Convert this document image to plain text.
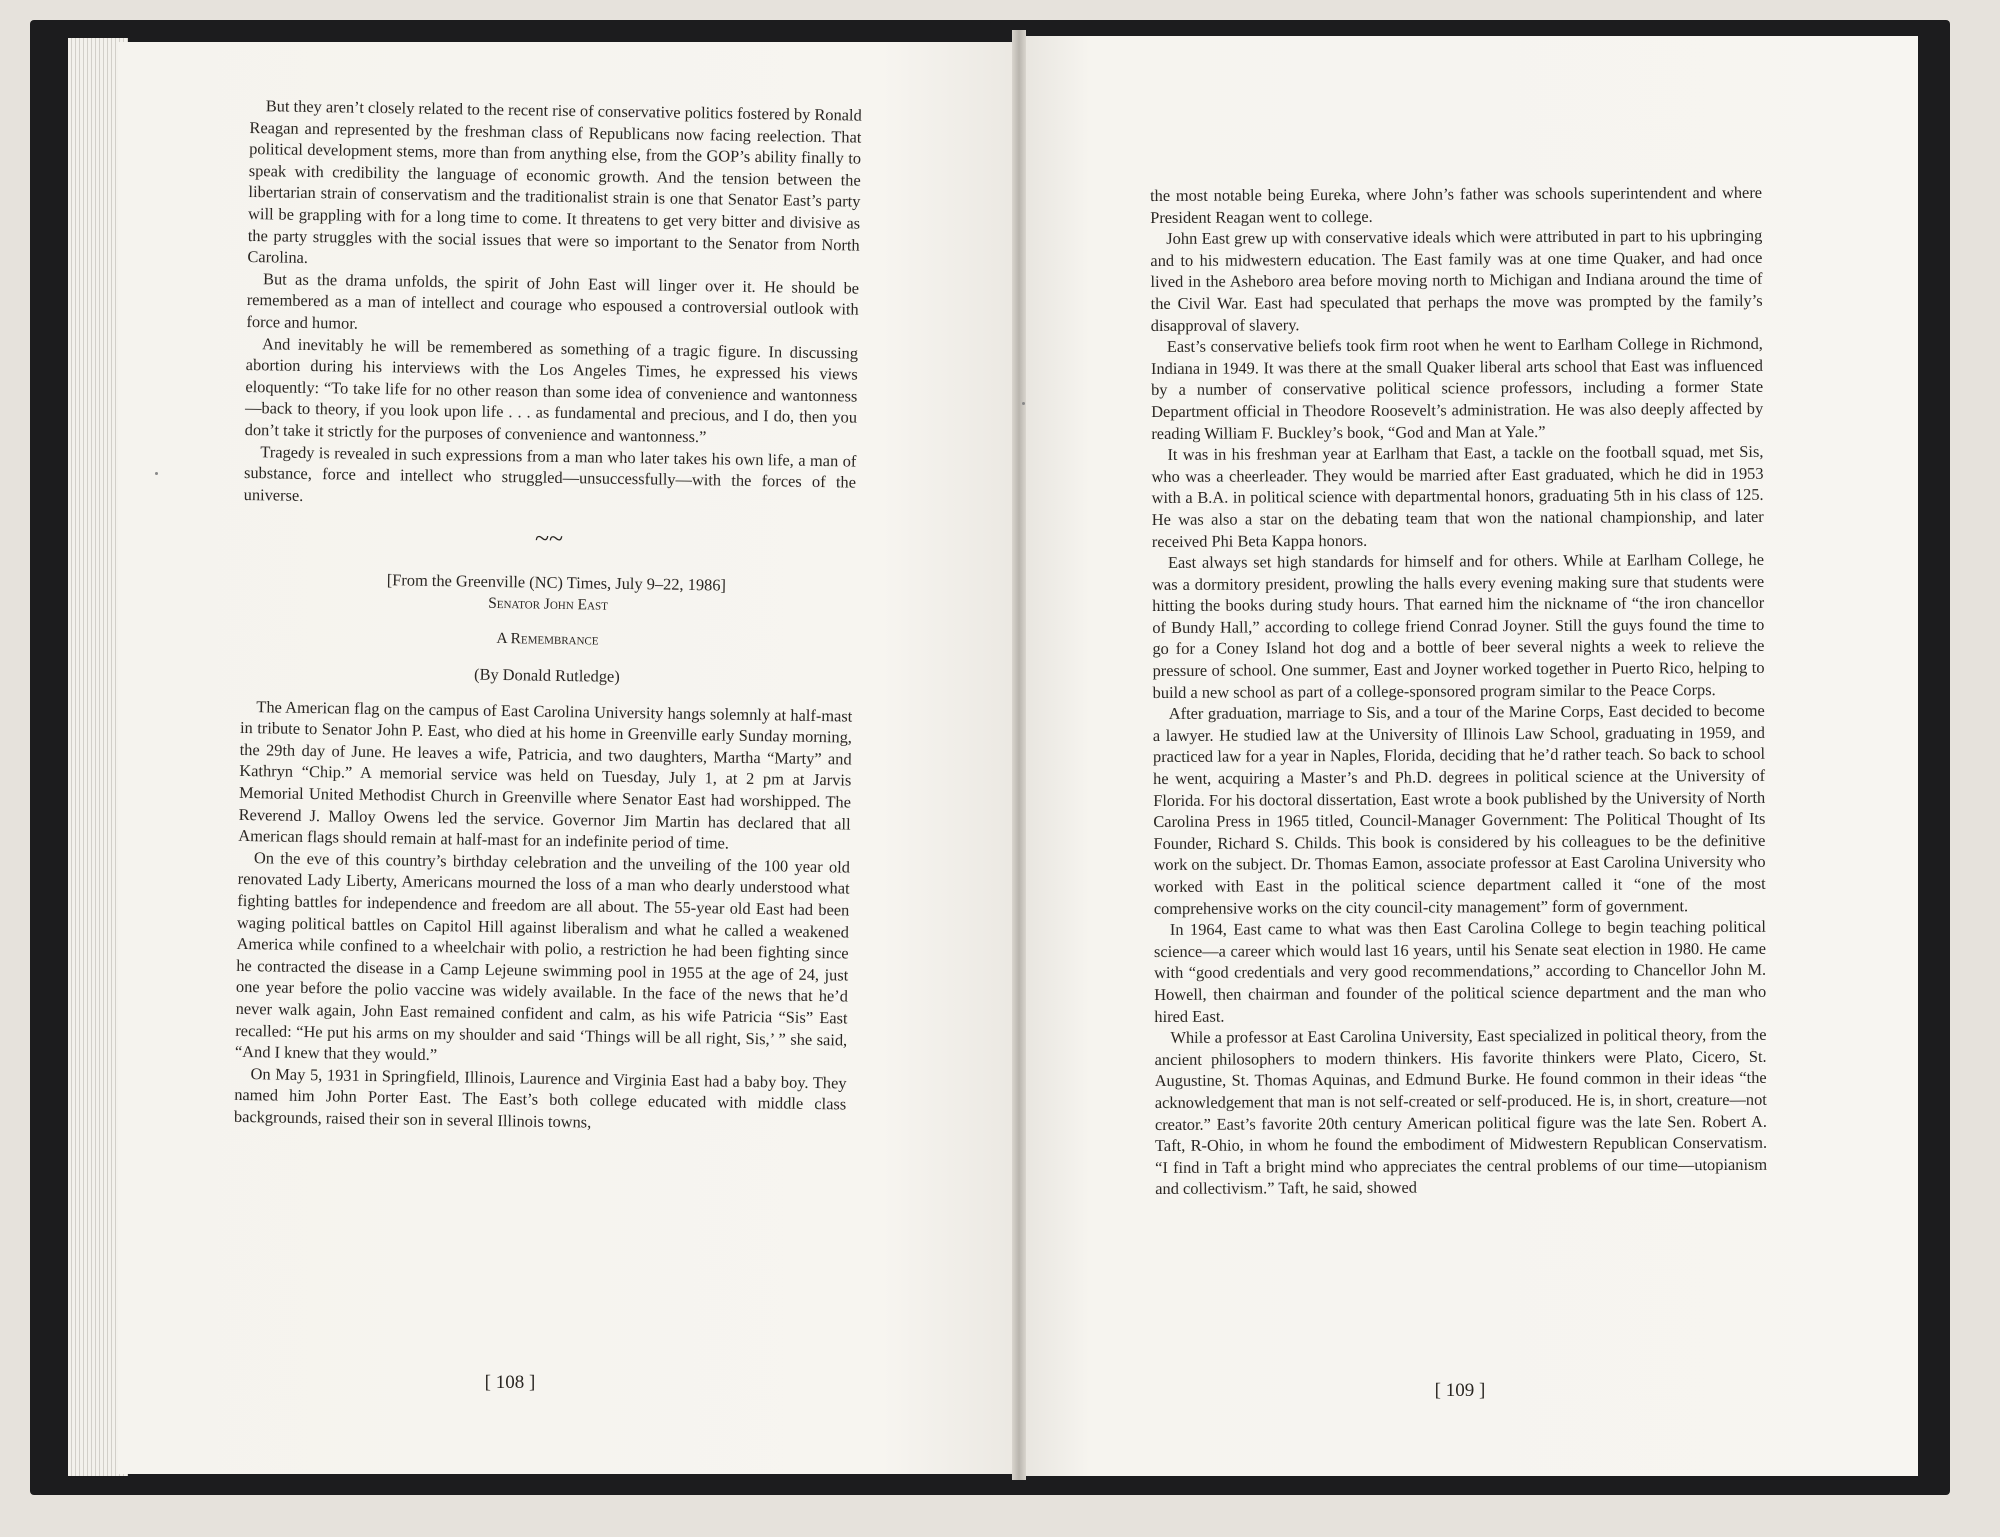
But they aren’t closely related to the recent rise of conservative politics fostered by Ronald Reagan and represented by the freshman class of Republicans now facing reelection. That political development stems, more than from anything else, from the GOP’s ability finally to speak with credibility the language of economic growth. And the tension between the libertarian strain of conservatism and the traditionalist strain is one that Senator East’s party will be grappling with for a long time to come. It threatens to get very bitter and divisive as the party struggles with the social issues that were so important to the Senator from North Carolina.

But as the drama unfolds, the spirit of John East will linger over it. He should be remembered as a man of intellect and courage who espoused a controversial outlook with force and humor.

And inevitably he will be remembered as something of a tragic figure. In discussing abortion during his interviews with the Los Angeles Times, he expressed his views eloquently: “To take life for no other reason than some idea of convenience and wantonness—back to theory, if you look upon life . . . as fundamental and precious, and I do, then you don’t take it strictly for the purposes of convenience and wantonness.”

Tragedy is revealed in such expressions from a man who later takes his own life, a man of substance, force and intellect who struggled—unsuccessfully—with the forces of the universe.

~~

[From the Greenville (NC) Times, July 9–22, 1986]

Senator John East
A Remembrance
(By Donald Rutledge)

The American flag on the campus of East Carolina University hangs solemnly at half-mast in tribute to Senator John P. East, who died at his home in Greenville early Sunday morning, the 29th day of June. He leaves a wife, Patricia, and two daughters, Martha “Marty” and Kathryn “Chip.” A memorial service was held on Tuesday, July 1, at 2 pm at Jarvis Memorial United Methodist Church in Greenville where Senator East had worshipped. The Reverend J. Malloy Owens led the service. Governor Jim Martin has declared that all American flags should remain at half-mast for an indefinite period of time.

On the eve of this country’s birthday celebration and the unveiling of the 100 year old renovated Lady Liberty, Americans mourned the loss of a man who dearly understood what fighting battles for independence and freedom are all about. The 55-year old East had been waging political battles on Capitol Hill against liberalism and what he called a weakened America while confined to a wheelchair with polio, a restriction he had been fighting since he contracted the disease in a Camp Lejeune swimming pool in 1955 at the age of 24, just one year before the polio vaccine was widely available. In the face of the news that he’d never walk again, John East remained confident and calm, as his wife Patricia “Sis” East recalled: “He put his arms on my shoulder and said ‘Things will be all right, Sis,’ ” she said, “And I knew that they would.”

On May 5, 1931 in Springfield, Illinois, Laurence and Virginia East had a baby boy. They named him John Porter East. The East’s both college educated with middle class backgrounds, raised their son in several Illinois towns,

the most notable being Eureka, where John’s father was schools superintendent and where President Reagan went to college.

John East grew up with conservative ideals which were attributed in part to his upbringing and to his midwestern education. The East family was at one time Quaker, and had once lived in the Asheboro area before moving north to Michigan and Indiana around the time of the Civil War. East had speculated that perhaps the move was prompted by the family’s disapproval of slavery.

East’s conservative beliefs took firm root when he went to Earlham College in Richmond, Indiana in 1949. It was there at the small Quaker liberal arts school that East was influenced by a number of conservative political science professors, including a former State Department official in Theodore Roosevelt’s administration. He was also deeply affected by reading William F. Buckley’s book, “God and Man at Yale.”

It was in his freshman year at Earlham that East, a tackle on the football squad, met Sis, who was a cheerleader. They would be married after East graduated, which he did in 1953 with a B.A. in political science with departmental honors, graduating 5th in his class of 125. He was also a star on the debating team that won the national championship, and later received Phi Beta Kappa honors.

East always set high standards for himself and for others. While at Earlham College, he was a dormitory president, prowling the halls every evening making sure that students were hitting the books during study hours. That earned him the nickname of “the iron chancellor of Bundy Hall,” according to college friend Conrad Joyner. Still the guys found the time to go for a Coney Island hot dog and a bottle of beer several nights a week to relieve the pressure of school. One summer, East and Joyner worked together in Puerto Rico, helping to build a new school as part of a college-sponsored program similar to the Peace Corps.

After graduation, marriage to Sis, and a tour of the Marine Corps, East decided to become a lawyer. He studied law at the University of Illinois Law School, graduating in 1959, and practiced law for a year in Naples, Florida, deciding that he’d rather teach. So back to school he went, acquiring a Master’s and Ph.D. degrees in political science at the University of Florida. For his doctoral dissertation, East wrote a book published by the University of North Carolina Press in 1965 titled, Council-Manager Government: The Political Thought of Its Founder, Richard S. Childs. This book is considered by his colleagues to be the definitive work on the subject. Dr. Thomas Eamon, associate professor at East Carolina University who worked with East in the political science department called it “one of the most comprehensive works on the city council-city management” form of government.

In 1964, East came to what was then East Carolina College to begin teaching political science—a career which would last 16 years, until his Senate seat election in 1980. He came with “good credentials and very good recommendations,” according to Chancellor John M. Howell, then chairman and founder of the political science department and the man who hired East.

While a professor at East Carolina University, East specialized in political theory, from the ancient philosophers to modern thinkers. His favorite thinkers were Plato, Cicero, St. Augustine, St. Thomas Aquinas, and Edmund Burke. He found common in their ideas “the acknowledgement that man is not self-created or self-produced. He is, in short, creature—not creator.” East’s favorite 20th century American political figure was the late Sen. Robert A. Taft, R-Ohio, in whom he found the embodiment of Midwestern Republican Conservatism. “I find in Taft a bright mind who appreciates the central problems of our time—utopianism and collectivism.” Taft, he said, showed

[ 108 ]	[ 109 ]
